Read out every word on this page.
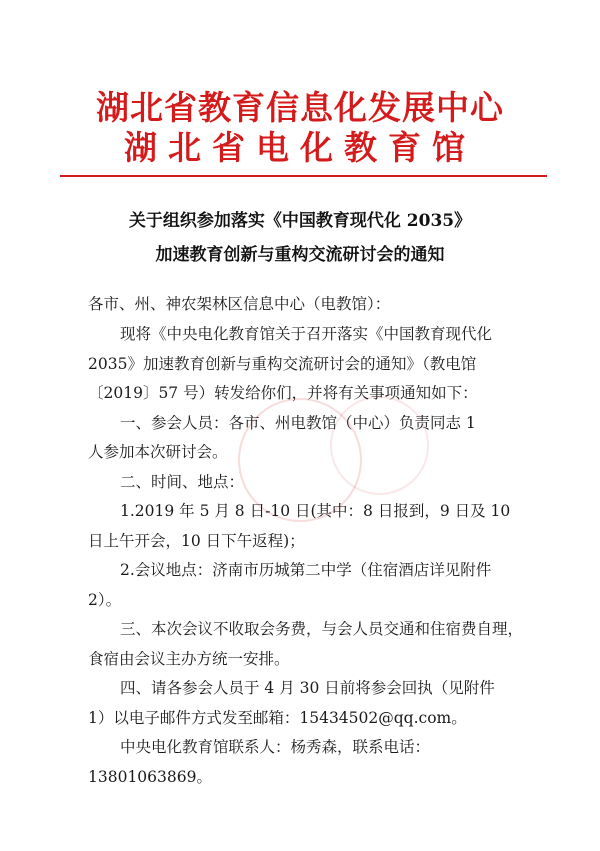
湖北省教育信息化发展中心
湖北省电化教育馆
关于组织参加落实《中国教育现代化 2035》
加速教育创新与重构交流研讨会的通知
各市、州、神农架林区信息中心（电教馆）：
现将《中央电化教育馆关于召开落实《中国教育现代化
2035》加速教育创新与重构交流研讨会的通知》（教电馆
〔2019〕57 号）转发给你们，并将有关事项通知如下：
一、参会人员：各市、州电教馆（中心）负责同志 1
人参加本次研讨会。
二、时间、地点：
1.2019 年 5 月 8 日-10 日(其中：8 日报到，9 日及 10
日上午开会，10 日下午返程)；
2.会议地点：济南市历城第二中学（住宿酒店详见附件
2）。
三、本次会议不收取会务费，与会人员交通和住宿费自理，
食宿由会议主办方统一安排。
四、请各参会人员于 4 月 30 日前将参会回执（见附件
1）以电子邮件方式发至邮箱：15434502@qq.com。
中央电化教育馆联系人：杨秀森，联系电话：
13801063869。
